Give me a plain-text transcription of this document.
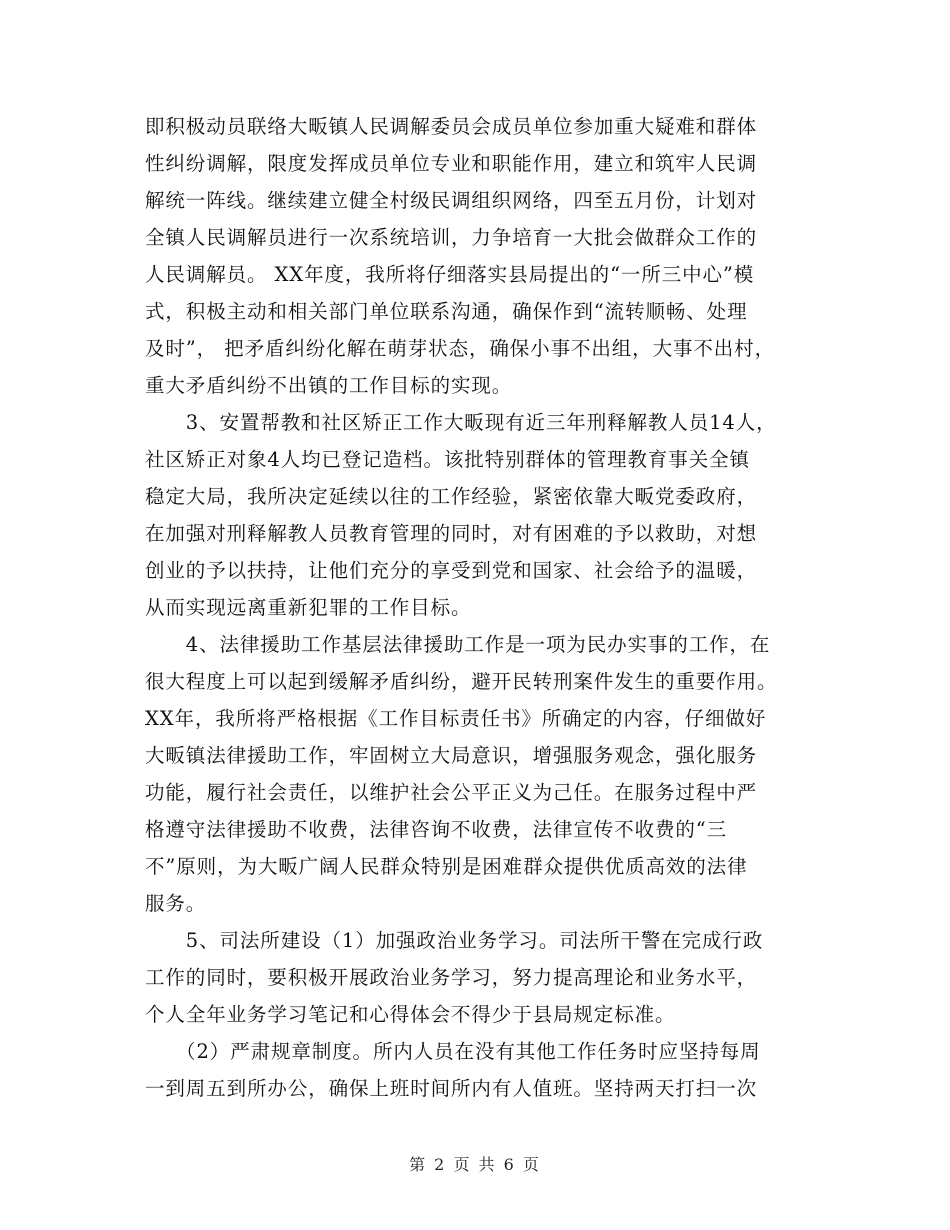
即积极动员联络大畈镇人民调解委员会成员单位参加重大疑难和群体
性纠纷调解，限度发挥成员单位专业和职能作用，建立和筑牢人民调
解统一阵线。继续建立健全村级民调组织网络，四至五月份，计划对
全镇人民调解员进行一次系统培训，力争培育一大批会做群众工作的
人民调解员。 XX年度，我所将仔细落实县局提出的“一所三中心”模
式，积极主动和相关部门单位联系沟通，确保作到“流转顺畅、处理
及时”， 把矛盾纠纷化解在萌芽状态，确保小事不出组，大事不出村，
重大矛盾纠纷不出镇的工作目标的实现。
　　3、安置帮教和社区矫正工作大畈现有近三年刑释解教人员14人，
社区矫正对象4人均已登记造档。该批特别群体的管理教育事关全镇
稳定大局，我所决定延续以往的工作经验，紧密依靠大畈党委政府，
在加强对刑释解教人员教育管理的同时，对有困难的予以救助，对想
创业的予以扶持，让他们充分的享受到党和国家、社会给予的温暖，
从而实现远离重新犯罪的工作目标。
　　4、法律援助工作基层法律援助工作是一项为民办实事的工作，在
很大程度上可以起到缓解矛盾纠纷，避开民转刑案件发生的重要作用。
XX年，我所将严格根据《工作目标责任书》所确定的内容，仔细做好
大畈镇法律援助工作，牢固树立大局意识，增强服务观念，强化服务
功能，履行社会责任，以维护社会公平正义为己任。在服务过程中严
格遵守法律援助不收费，法律咨询不收费，法律宣传不收费的“三
不”原则，为大畈广阔人民群众特别是困难群众提供优质高效的法律
服务。
　　5、司法所建设（1）加强政治业务学习。司法所干警在完成行政
工作的同时，要积极开展政治业务学习，努力提高理论和业务水平，
个人全年业务学习笔记和心得体会不得少于县局规定标准。
　　（2）严肃规章制度。所内人员在没有其他工作任务时应坚持每周
一到周五到所办公，确保上班时间所内有人值班。坚持两天打扫一次
第 2 页 共 6 页
